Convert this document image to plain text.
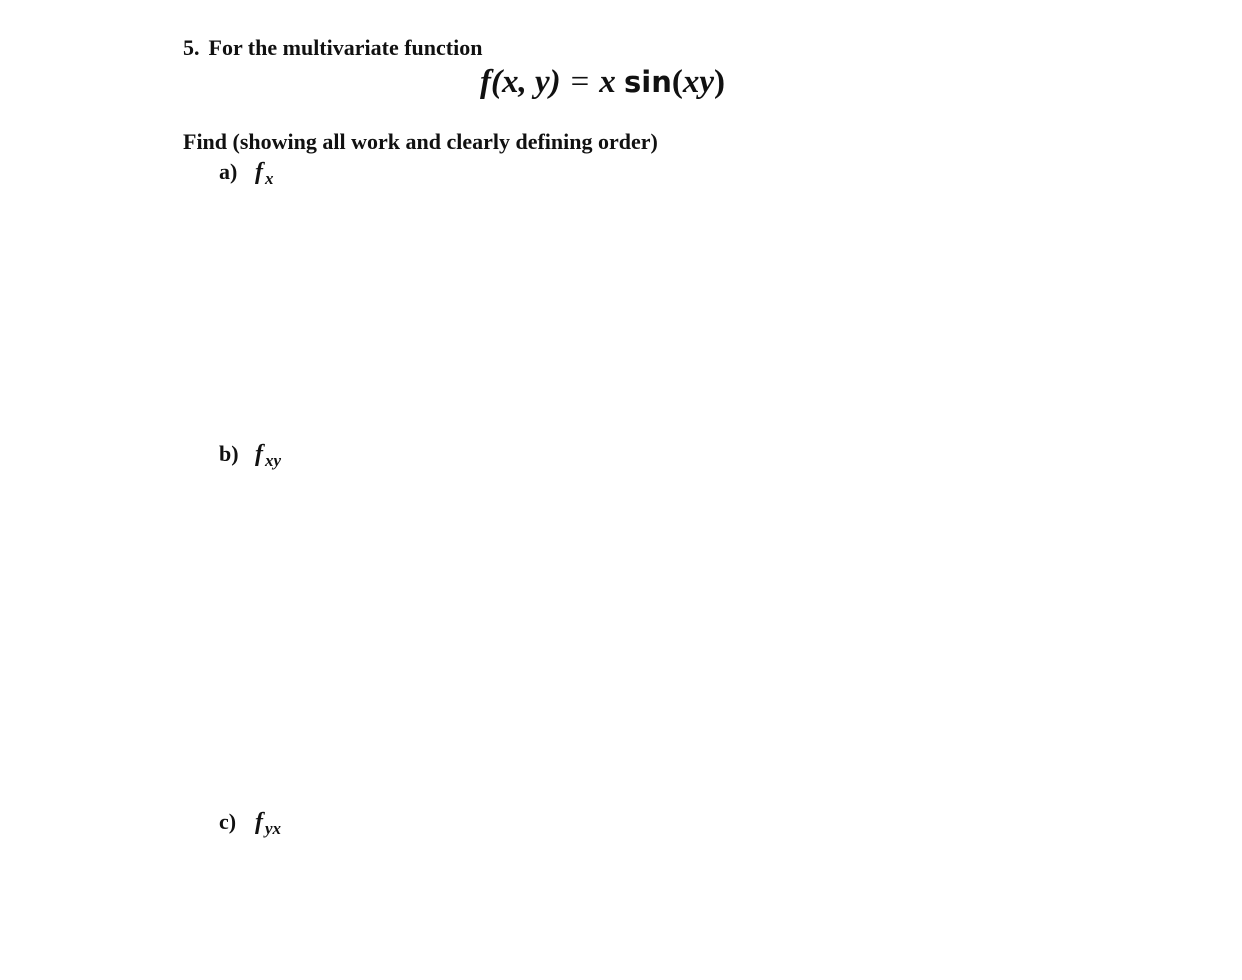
5. For the multivariate function
f(x, y) = x sin(xy)
Find (showing all work and clearly defining order)
a) f $_x$
b) f $_{xy}$
c) f $_{yx}$
